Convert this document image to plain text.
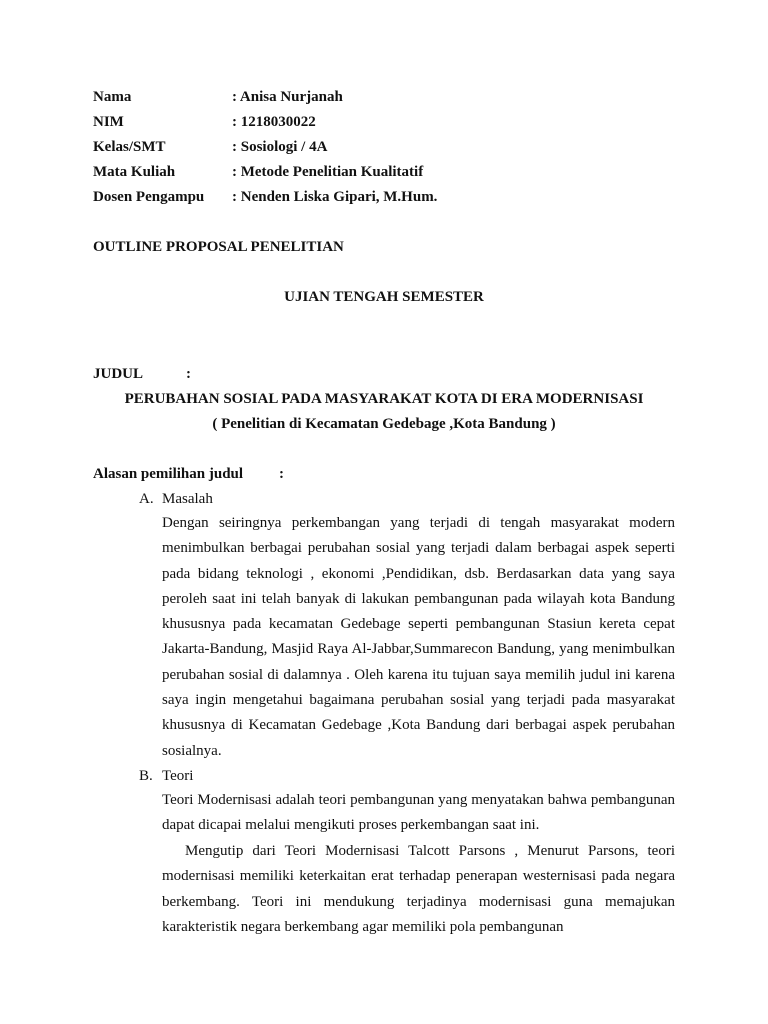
Nama	: Anisa Nurjanah
NIM	: 1218030022
Kelas/SMT	: Sosiologi / 4A
Mata Kuliah	: Metode Penelitian Kualitatif
Dosen Pengampu : Nenden Liska Gipari, M.Hum.
OUTLINE PROPOSAL PENELITIAN
UJIAN TENGAH SEMESTER
JUDUL	:
PERUBAHAN SOSIAL PADA MASYARAKAT KOTA DI ERA MODERNISASI
( Penelitian di Kecamatan Gedebage ,Kota Bandung )
Alasan pemilihan judul :
A. Masalah

Dengan seiringnya perkembangan yang terjadi di tengah masyarakat modern menimbulkan berbagai perubahan sosial yang terjadi dalam berbagai aspek seperti pada bidang teknologi , ekonomi ,Pendidikan, dsb. Berdasarkan data yang saya peroleh saat ini telah banyak di lakukan pembangunan pada wilayah kota Bandung khususnya pada kecamatan Gedebage seperti pembangunan Stasiun kereta cepat Jakarta-Bandung, Masjid Raya Al-Jabbar,Summarecon Bandung, yang menimbulkan perubahan sosial di dalamnya . Oleh karena itu tujuan saya memilih judul ini karena saya ingin mengetahui bagaimana perubahan sosial yang terjadi pada masyarakat khususnya di Kecamatan Gedebage ,Kota Bandung dari berbagai aspek perubahan sosialnya.

B. Teori

Teori Modernisasi adalah teori pembangunan yang menyatakan bahwa pembangunan dapat dicapai melalui mengikuti proses perkembangan saat ini.

Mengutip dari Teori Modernisasi Talcott Parsons , Menurut Parsons, teori modernisasi memiliki keterkaitan erat terhadap penerapan westernisasi pada negara berkembang. Teori ini mendukung terjadinya modernisasi guna memajukan karakteristik negara berkembang agar memiliki pola pembangunan
